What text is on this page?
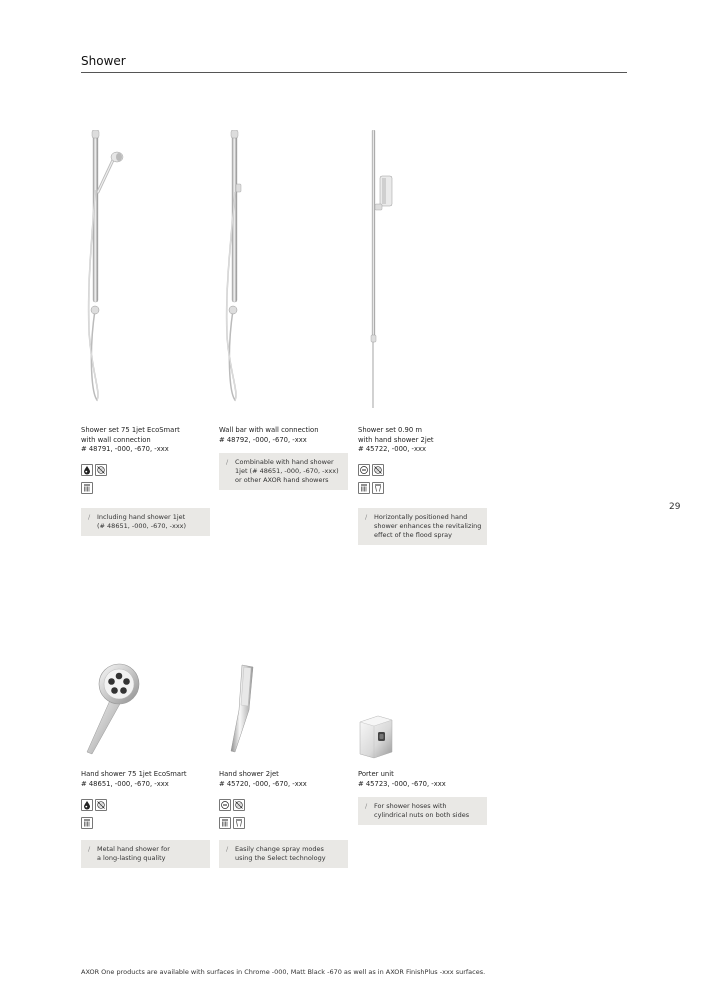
Shower
29
Shower set 75 1jet EcoSmart
with wall connection
# 48791, -000, -670, -xxx
/ Including hand shower 1jet
(# 48651, -000, -670, -xxx)
Wall bar with wall connection
# 48792, -000, -670, -xxx
/ Combinable with hand shower
1jet (# 48651, -000, -670, -xxx)
or other AXOR hand showers
Shower set 0.90 m
with hand shower 2jet
# 45722, -000, -xxx
/ Horizontally positioned hand
shower enhances the revitalizing
effect of the flood spray
Hand shower 75 1jet EcoSmart
# 48651, -000, -670, -xxx
/ Metal hand shower for
a long-lasting quality
Hand shower 2jet
# 45720, -000, -670, -xxx
/ Easily change spray modes
using the Select technology
Porter unit
# 45723, -000, -670, -xxx
/ For shower hoses with
cylindrical nuts on both sides
AXOR One products are available with surfaces in Chrome -000, Matt Black -670 as well as in AXOR FinishPlus -xxx surfaces.
